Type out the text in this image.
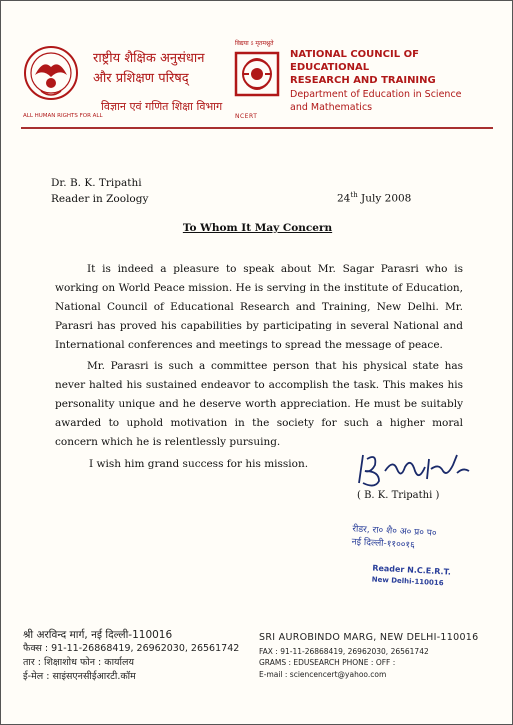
राष्ट्रीय शैक्षिक अनुसंधान
और प्रशिक्षण परिषद्
विज्ञान एवं गणित शिक्षा विभाग
ALL HUMAN RIGHTS FOR ALL
विद्यया ऽ मृतमश्नुते
NCERT
NATIONAL COUNCIL OF EDUCATIONAL
RESEARCH AND TRAINING
Department of Education in Science
and Mathematics
Dr. B. K. Tripathi
Reader in Zoology	24th July 2008
To Whom It May Concern

It is indeed a pleasure to speak about Mr. Sagar Parasri who is working on World Peace mission. He is serving in the institute of Education, National Council of Educational Research and Training, New Delhi. Mr. Parasri has proved his capabilities by participating in several National and International conferences and meetings to spread the message of peace.

Mr. Parasri is such a committee person that his physical state has never halted his sustained endeavor to accomplish the task. This makes his personality unique and he deserve worth appreciation. He must be suitably awarded to uphold motivation in the society for such a higher moral concern which he is relentlessly pursuing.

I wish him grand success for his mission.
( B. K. Tripathi )
रीडर, रा० शै० अ० प्र० प०
नई दिल्ली-११००१६
Reader N.C.E.R.T.
New Delhi-110016
श्री अरविन्द मार्ग, नई दिल्ली-110016
फैक्स : 91-11-26868419, 26962030, 26561742
तार : शिक्षाशोध फोन : कार्यालय
ई-मेल : साइंसएनसीईआरटी.कॉम
SRI AUROBINDO MARG, NEW DELHI-110016
FAX : 91-11-26868419, 26962030, 26561742
GRAMS : EDUSEARCH PHONE : OFF :
E-mail : sciencencert@yahoo.com
